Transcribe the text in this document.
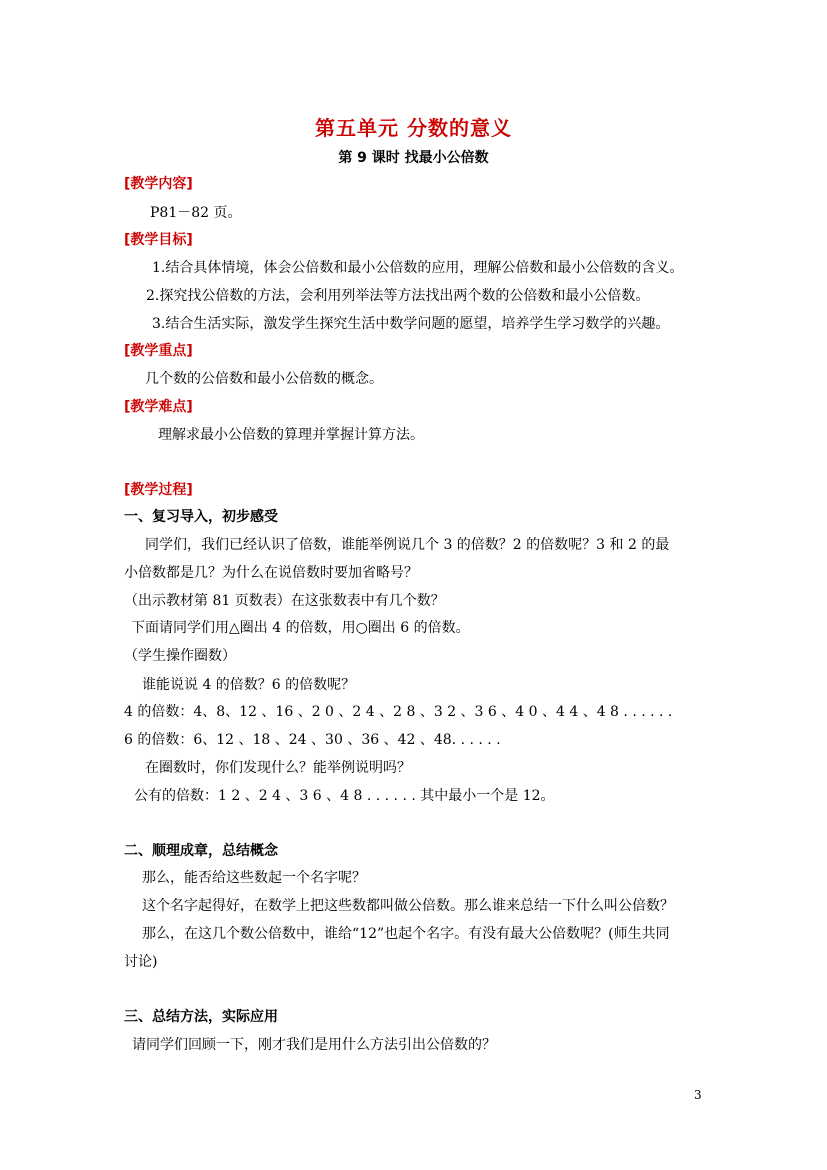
第五单元 分数的意义
第 9 课时 找最小公倍数
[教学内容]
P81－82 页。
[教学目标]
1.结合具体情境，体会公倍数和最小公倍数的应用，理解公倍数和最小公倍数的含义。
2.探究找公倍数的方法，会利用列举法等方法找出两个数的公倍数和最小公倍数。
3.结合生活实际，激发学生探究生活中数学问题的愿望，培养学生学习数学的兴趣。
[教学重点]
几个数的公倍数和最小公倍数的概念。
[教学难点]
理解求最小公倍数的算理并掌握计算方法。
[教学过程]
一、复习导入，初步感受
同学们，我们已经认识了倍数，谁能举例说几个 3 的倍数？2 的倍数呢？3 和 2 的最
小倍数都是几？为什么在说倍数时要加省略号？
（出示教材第 81 页数表）在这张数表中有几个数？
下面请同学们用△圈出 4 的倍数，用○圈出 6 的倍数。
（学生操作圈数）
谁能说说 4 的倍数？6 的倍数呢？
4 的倍数：4、8、12 、16 、2 0 、2 4 、2 8 、3 2 、3 6 、4 0 、4 4 、4 8 . . . . . .
6 的倍数：6、12 、18 、24 、30 、36 、42 、48. . . . . .
在圈数时，你们发现什么？能举例说明吗？
公有的倍数：1 2 、2 4 、3 6 、4 8 . . . . . . 其中最小一个是 12。
二、顺理成章，总结概念
那么，能否给这些数起一个名字呢？
这个名字起得好，在数学上把这些数都叫做公倍数。那么谁来总结一下什么叫公倍数？
那么，在这几个数公倍数中，谁给“12”也起个名字。有没有最大公倍数呢？(师生共同
讨论)
三、总结方法，实际应用
请同学们回顾一下，刚才我们是用什么方法引出公倍数的？
3
